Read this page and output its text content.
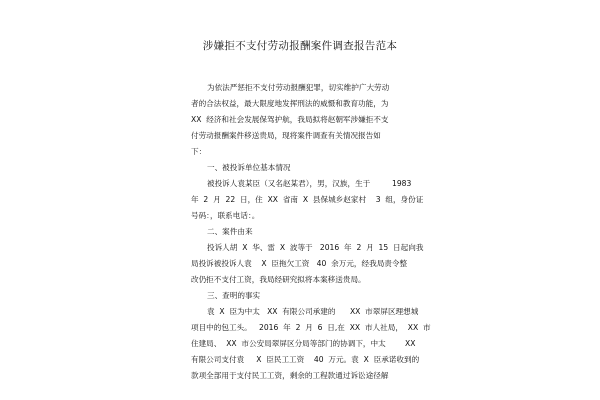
涉嫌拒不支付劳动报酬案件调查报告范本
为依法严惩拒不支付劳动报酬犯罪，切实维护广大劳动
者的合法权益，最大限度地发挥刑法的威慑和教育功能，为
XX  经济和社会发展保驾护航，我局拟将赵朝军涉嫌拒不支
付劳动报酬案件移送贵局，现将案件调查有关情况报告如
下：
一、被投诉单位基本情况
被投诉人袁某臣（又名赵某君），男，汉族，生于         1983
年  2  月  22  日，住  XX  省南  X  县保城乡赵家村    3  组，身份证
号码：，联系电话：。
二、案件由来
投诉人胡  X  华、雷  X  波等于   2016  年  2  月  15  日起向我
局投诉被投诉人袁    X  臣拖欠工资   40  余万元，经我局责令整
改仍拒不支付工资，我局经研究拟将本案移送贵局。
三、查明的事实
袁  X  臣为中太   XX  有限公司承建的      XX  市翠屏区理想城
项目中的包工头。   2016  年  2  月  6  日,在  XX  市人社局，  XX  市
住建局、  XX  市公安局翠屏区分局等部门的协调下，中太        XX
有限公司支付袁     X  臣民工工资    40  万元。袁  X  臣承诺收到的
款项全部用于支付民工工资，剩余的工程款通过诉讼途径解
